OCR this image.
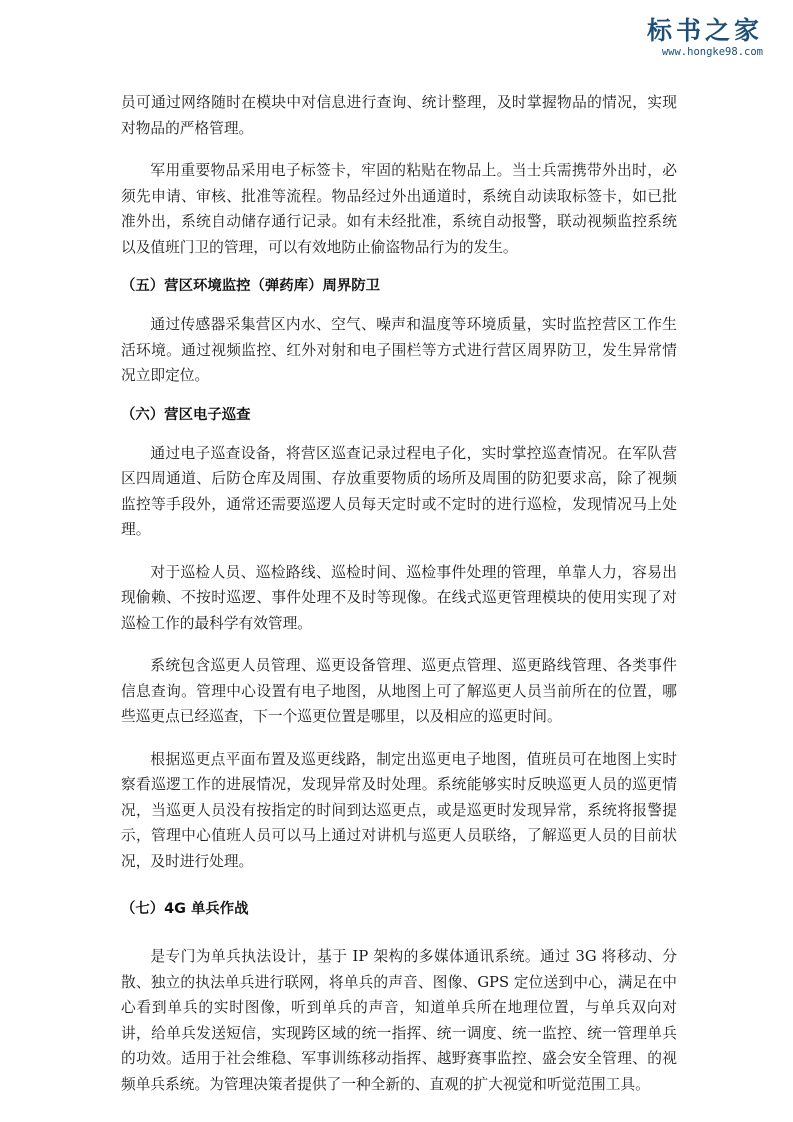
标书之家
www.hongke98.com

员可通过网络随时在模块中对信息进行查询、统计整理，及时掌握物品的情况，实现对物品的严格管理。

军用重要物品采用电子标签卡，牢固的粘贴在物品上。当士兵需携带外出时，必须先申请、审核、批准等流程。物品经过外出通道时，系统自动读取标签卡，如已批准外出，系统自动储存通行记录。如有未经批准，系统自动报警，联动视频监控系统以及值班门卫的管理，可以有效地防止偷盗物品行为的发生。

（五）营区环境监控（弹药库）周界防卫

通过传感器采集营区内水、空气、噪声和温度等环境质量，实时监控营区工作生活环境。通过视频监控、红外对射和电子围栏等方式进行营区周界防卫，发生异常情况立即定位。

（六）营区电子巡查

通过电子巡查设备，将营区巡查记录过程电子化，实时掌控巡查情况。在军队营区四周通道、后防仓库及周围、存放重要物质的场所及周围的防犯要求高，除了视频监控等手段外，通常还需要巡逻人员每天定时或不定时的进行巡检，发现情况马上处理。

对于巡检人员、巡检路线、巡检时间、巡检事件处理的管理，单靠人力，容易出现偷赖、不按时巡逻、事件处理不及时等现像。在线式巡更管理模块的使用实现了对巡检工作的最科学有效管理。

系统包含巡更人员管理、巡更设备管理、巡更点管理、巡更路线管理、各类事件信息查询。管理中心设置有电子地图，从地图上可了解巡更人员当前所在的位置，哪些巡更点已经巡查，下一个巡更位置是哪里，以及相应的巡更时间。

根据巡更点平面布置及巡更线路，制定出巡更电子地图，值班员可在地图上实时察看巡逻工作的进展情况，发现异常及时处理。系统能够实时反映巡更人员的巡更情况，当巡更人员没有按指定的时间到达巡更点，或是巡更时发现异常，系统将报警提示，管理中心值班人员可以马上通过对讲机与巡更人员联络，了解巡更人员的目前状况，及时进行处理。

（七）4G 单兵作战

是专门为单兵执法设计，基于 IP 架构的多媒体通讯系统。通过 3G 将移动、分散、独立的执法单兵进行联网，将单兵的声音、图像、GPS 定位送到中心，满足在中心看到单兵的实时图像，听到单兵的声音，知道单兵所在地理位置，与单兵双向对讲，给单兵发送短信，实现跨区域的统一指挥、统一调度、统一监控、统一管理单兵的功效。适用于社会维稳、军事训练移动指挥、越野赛事监控、盛会安全管理、的视频单兵系统。为管理决策者提供了一种全新的、直观的扩大视觉和听觉范围工具。
